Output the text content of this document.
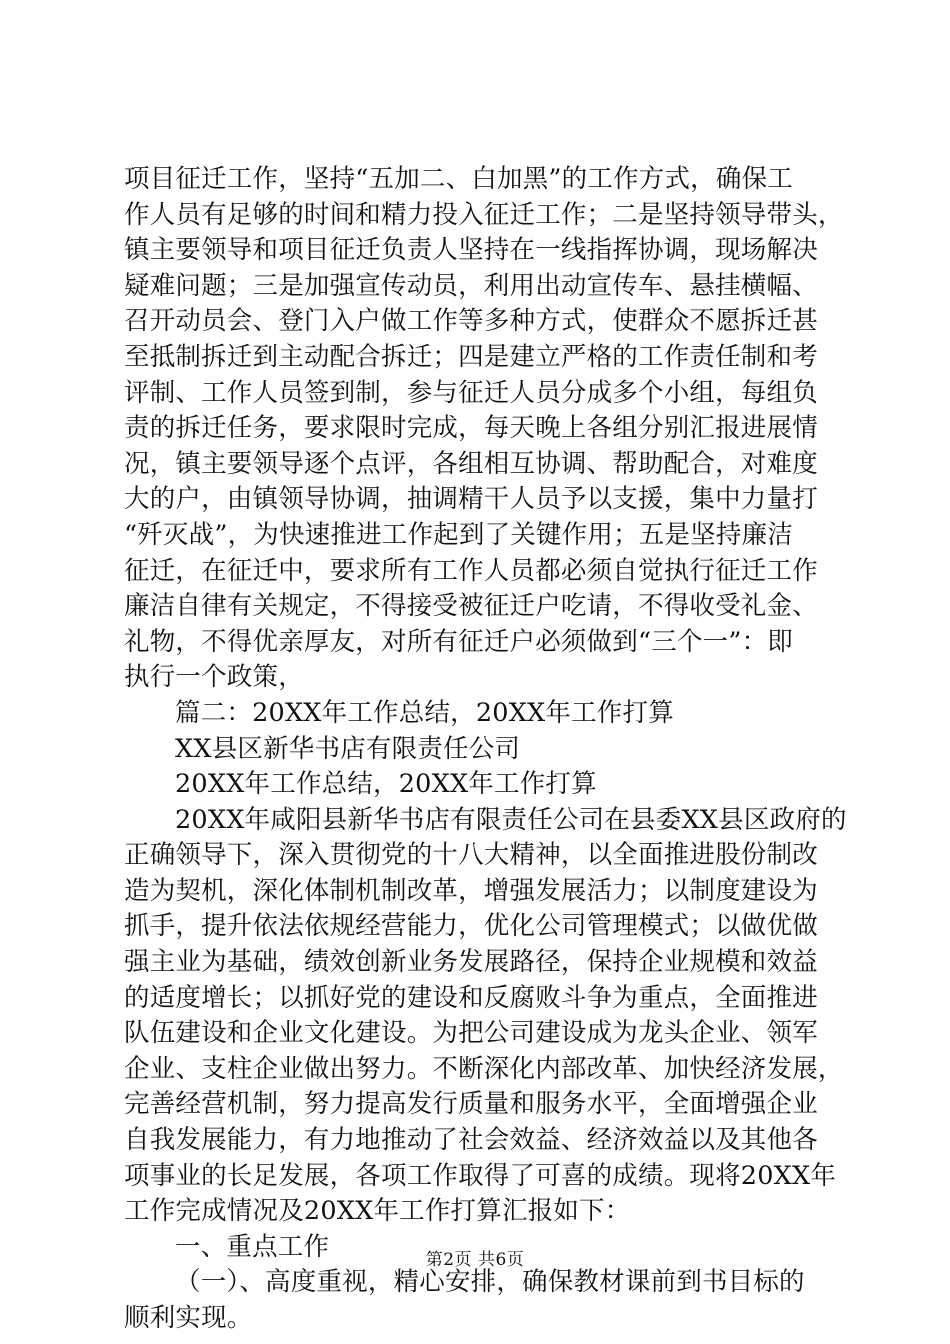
项目征迁工作，坚持“五加二、白加黑”的工作方式，确保工
作人员有足够的时间和精力投入征迁工作；二是坚持领导带头，
镇主要领导和项目征迁负责人坚持在一线指挥协调，现场解决
疑难问题；三是加强宣传动员，利用出动宣传车、悬挂横幅、
召开动员会、登门入户做工作等多种方式，使群众不愿拆迁甚
至抵制拆迁到主动配合拆迁；四是建立严格的工作责任制和考
评制、工作人员签到制，参与征迁人员分成多个小组，每组负
责的拆迁任务，要求限时完成，每天晚上各组分别汇报进展情
况，镇主要领导逐个点评，各组相互协调、帮助配合，对难度
大的户，由镇领导协调，抽调精干人员予以支援，集中力量打
“歼灭战”，为快速推进工作起到了关键作用；五是坚持廉洁
征迁，在征迁中，要求所有工作人员都必须自觉执行征迁工作
廉洁自律有关规定，不得接受被征迁户吃请，不得收受礼金、
礼物，不得优亲厚友，对所有征迁户必须做到“三个一”：即
执行一个政策，
篇二：20XX年工作总结，20XX年工作打算
XX县区新华书店有限责任公司
20XX年工作总结，20XX年工作打算
20XX年咸阳县新华书店有限责任公司在县委XX县区政府的
正确领导下，深入贯彻党的十八大精神，以全面推进股份制改
造为契机，深化体制机制改革，增强发展活力；以制度建设为
抓手，提升依法依规经营能力，优化公司管理模式；以做优做
强主业为基础，绩效创新业务发展路径，保持企业规模和效益
的适度增长；以抓好党的建设和反腐败斗争为重点，全面推进
队伍建设和企业文化建设。为把公司建设成为龙头企业、领军
企业、支柱企业做出努力。不断深化内部改革、加快经济发展，
完善经营机制，努力提高发行质量和服务水平，全面增强企业
自我发展能力，有力地推动了社会效益、经济效益以及其他各
项事业的长足发展，各项工作取得了可喜的成绩。现将20XX年
工作完成情况及20XX年工作打算汇报如下：
一、重点工作
（一）、高度重视，精心安排，确保教材课前到书目标的
顺利实现。
第2页 共6页
